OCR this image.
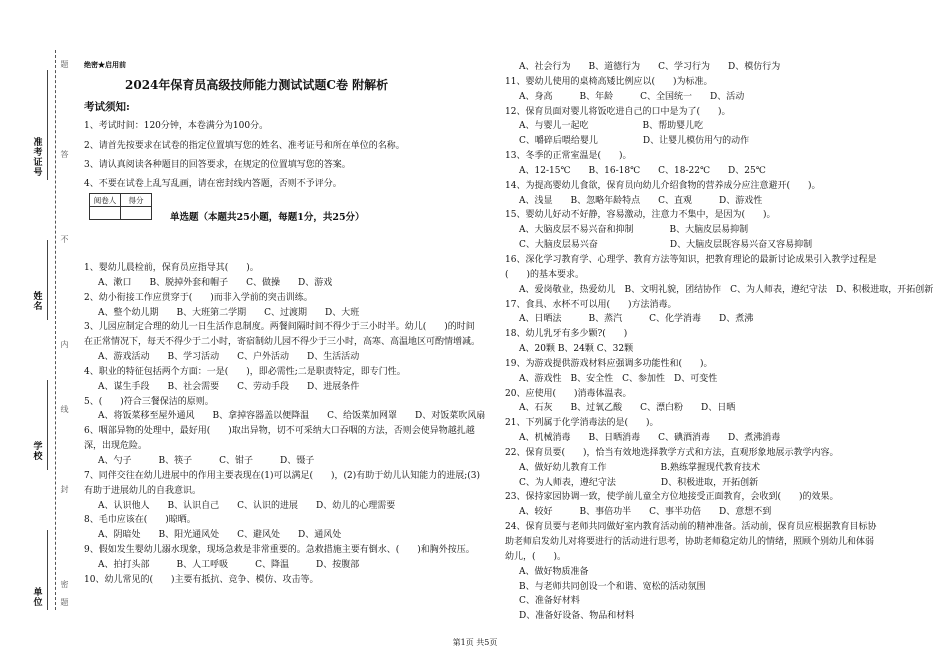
准考证号
姓名
学校
单位
题
答
不
内
线
封
密
题
绝密★启用前
2024年保育员高级技师能力测试试题C卷 附解析
考试须知:
1、考试时间：120分钟，本卷满分为100分。
2、请首先按要求在试卷的指定位置填写您的姓名、准考证号和所在单位的名称。
3、请认真阅读各种题目的回答要求，在规定的位置填写您的答案。
4、不要在试卷上乱写乱画，请在密封线内答题，否则不予评分。
阅卷人	得分

单选题（本题共25小题，每题1分，共25分）

1、婴幼儿晨检前，保育员应指导其(　　)。

A、漱口　　B、脱掉外套和帽子　　C、做操　　D、游戏

2、幼小衔接工作应贯穿于(　　)而非入学前的突击训练。

A、整个幼儿期　　B、大班第二学期　　C、过渡期　　D、大班

3、儿园应制定合理的幼儿一日生活作息制度。两餐间隔时间不得少于三小时半。幼儿(　　)的时间在正常情况下，每天不得少于二小时，寄宿制幼儿园不得少于三小时，高寒、高温地区可酌情增减。

A、游戏活动　　B、学习活动　　C、户外活动　　D、生活活动

4、职业的特征包括两个方面：一是(　　)，即必需性;二是职责特定，即专门性。

A、谋生手段　　B、社会需要　　C、劳动手段　　D、进展条件

5、(　　)符合三餐保洁的原则。

A、将饭菜移至屋外通风　　B、拿掉容器盖以便降温　　C、给饭菜加网罩　　D、对饭菜吹风扇

6、咽部异物的处理中，最好用(　　)取出异物，切不可采纳大口吞咽的方法，否则会使异物越扎越深，出现危险。

A、勺子　　　B、筷子　　　C、钳子　　　D、镊子

7、同伴交往在幼儿进展中的作用主要表现在(1)可以满足(　　)，(2)有助于幼儿认知能力的进展;(3)有助于进展幼儿的自我意识。

A、认识他人　　B、认识自己　　C、认识的进展　　D、幼儿的心理需要

8、毛巾应该在(　　)晾晒。

A、阴暗处　　B、阳光通风处　　C、避风处　　D、通风处

9、假如发生婴幼儿溺水现象，现场急救是非常重要的。急救措施主要有倒水、(　　)和胸外按压。

A、拍打头部　　　B、人工呼吸　　　C、降温　　　D、按腹部

10、幼儿常见的(　　)主要有抵抗、竞争、模仿、攻击等。

A、社会行为　　B、道德行为　　C、学习行为　　D、模仿行为

11、婴幼儿使用的桌椅高矮比例应以(　　)为标准。

A、身高　　　B、年龄　　　C、全国统一　　D、活动

12、保育员面对婴儿将饭吃进自己的口中是为了(　　)。

A、与婴儿一起吃　　　　　　B、帮助婴儿吃

C、嚼碎后喂给婴儿　　　　　D、让婴儿模仿用勺的动作

13、冬季的正常室温是(　　)。

A、12-15℃　　B、16-18℃　　C、18-22℃　　D、25℃

14、为提高婴幼儿食欲，保育员向幼儿介绍食物的营养成分应注意避开(　　)。

A、浅显　　B、忽略年龄特点　　C、直观　　　D、游戏性

15、婴幼儿好动不好静，容易激动，注意力不集中，是因为(　　)。

A、大脑皮层不易兴奋和抑制　　　　B、大脑皮层易抑制

C、大脑皮层易兴奋　　　　　　　　D、大脑皮层既容易兴奋又容易抑制

16、深化学习教育学、心理学、教育方法等知识，把教育理论的最新讨论成果引入教学过程是(　　)的基本要求。

A、爱岗敬业，热爱幼儿　B、文明礼貌，团结协作　C、为人师表，遵纪守法　D、积极进取，开拓创新

17、食具、水杯不可以用(　　)方法消毒。

A、日晒法　　　B、蒸汽　　　C、化学消毒　　D、煮沸

18、幼儿乳牙有多少颗?(　　)

A、20颗 B、24颗 C、32颗

19、为游戏提供游戏材料应强调多功能性和(　　)。

A、游戏性　B、安全性　C、参加性　D、可变性

20、应使用(　　)消毒体温表。

A、石灰　　B、过氧乙酸　　C、漂白粉　　D、日晒

21、下列属于化学消毒法的是(　　)。

A、机械消毒　　B、日晒消毒　　C、碘酒消毒　　D、煮沸消毒

22、保育员要(　　)，恰当有效地选择教学方式和方法，直观形象地展示教学内容。

A、做好幼儿教育工作　　　　　　B.熟练掌握现代教育技术

C、为人师表，遵纪守法　　　　　D、积极进取，开拓创新

23、保持家园协调一致，使学前儿童全方位地接受正面教育，会收到(　　)的效果。

A、较好　　　B、事倍功半　　C、事半功倍　　D、意想不到

24、保育员要与老师共同做好室内教育活动前的精神准备。活动前，保育员应根据教育目标协助老师启发幼儿对将要进行的活动进行思考，协助老师稳定幼儿的情绪，照顾个别幼儿和体弱幼儿，(　　)。

A、做好物质准备

B、与老师共同创设一个和谐、宽松的活动氛围

C、准备好材料

D、准备好设备、物品和材料

第1页 共5页
